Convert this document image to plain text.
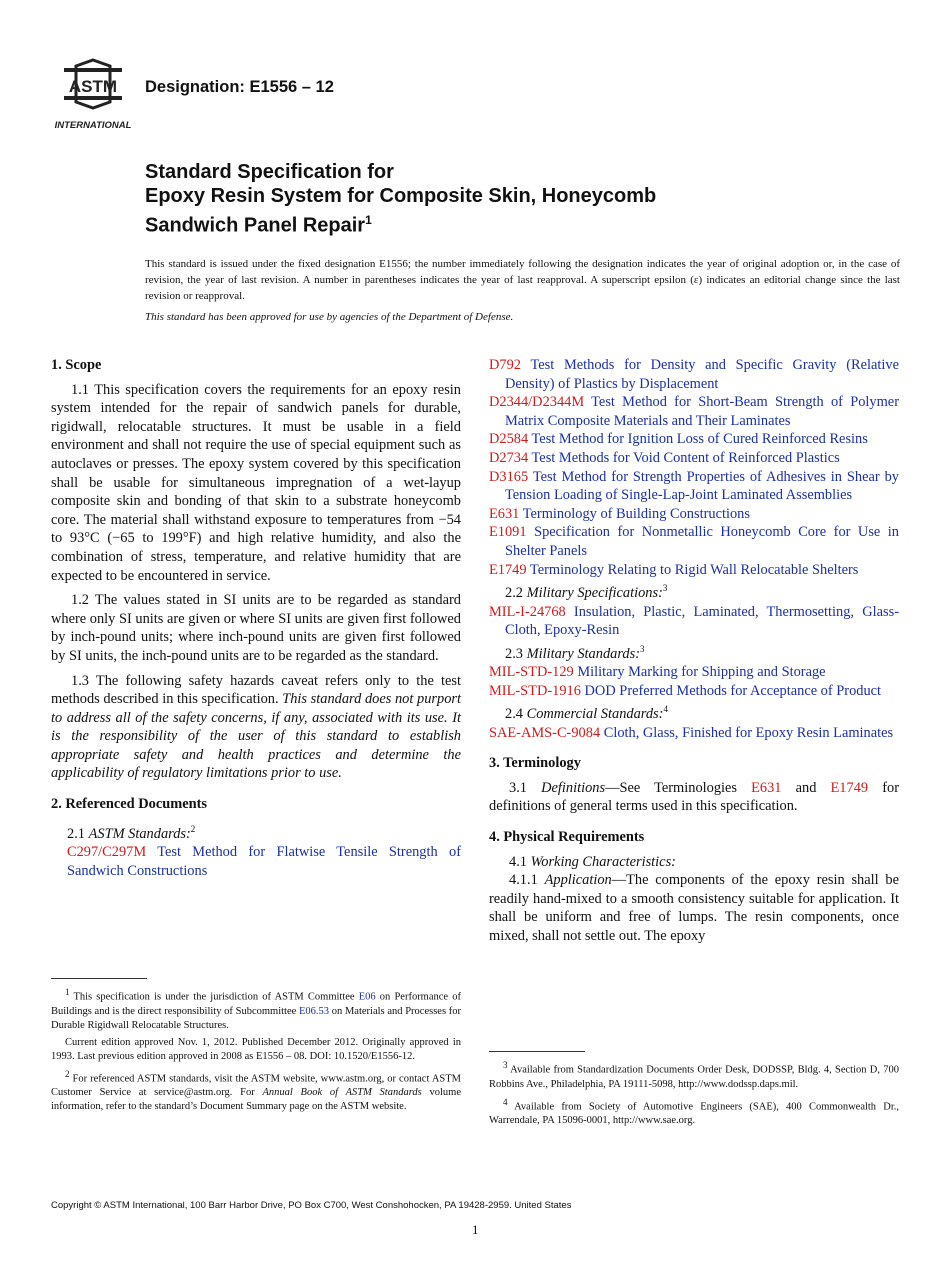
ASTM
INTERNATIONAL
Designation: E1556 – 12
Standard Specification for
Epoxy Resin System for Composite Skin, Honeycomb
Sandwich Panel Repair$^1$
This standard is issued under the fixed designation E1556; the number immediately following the designation indicates the year of original adoption or, in the case of revision, the year of last revision. A number in parentheses indicates the year of last reapproval. A superscript epsilon (ε) indicates an editorial change since the last revision or reapproval.
This standard has been approved for use by agencies of the Department of Defense.
1. Scope

1.1 This specification covers the requirements for an epoxy resin system intended for the repair of sandwich panels for durable, rigidwall, relocatable structures. It must be usable in a field environment and shall not require the use of special equipment such as autoclaves or presses. The epoxy system covered by this specification shall be usable for simultaneous impregnation of a wet-layup composite skin and bonding of that skin to a substrate honeycomb core. The material shall withstand exposure to temperatures from −54 to 93°C (−65 to 199°F) and high relative humidity, and also the combination of stress, temperature, and relative humidity that are expected to be encountered in service.

1.2 The values stated in SI units are to be regarded as standard where only SI units are given or where SI units are given first followed by inch-pound units; where inch-pound units are given first followed by SI units, the inch-pound units are to be regarded as the standard.

1.3 The following safety hazards caveat refers only to the test methods described in this specification. This standard does not purport to address all of the safety concerns, if any, associated with its use. It is the responsibility of the user of this standard to establish appropriate safety and health practices and determine the applicability of regulatory limitations prior to use.

2. Referenced Documents

2.1 ASTM Standards:$^2$

C297/C297M Test Method for Flatwise Tensile Strength of Sandwich Constructions

D792 Test Methods for Density and Specific Gravity (Relative Density) of Plastics by Displacement

D2344/D2344M Test Method for Short-Beam Strength of Polymer Matrix Composite Materials and Their Laminates

D2584 Test Method for Ignition Loss of Cured Reinforced Resins

D2734 Test Methods for Void Content of Reinforced Plastics

D3165 Test Method for Strength Properties of Adhesives in Shear by Tension Loading of Single-Lap-Joint Laminated Assemblies

E631 Terminology of Building Constructions

E1091 Specification for Nonmetallic Honeycomb Core for Use in Shelter Panels

E1749 Terminology Relating to Rigid Wall Relocatable Shelters

2.2 Military Specifications:$^3$

MIL-I-24768 Insulation, Plastic, Laminated, Thermosetting, Glass-Cloth, Epoxy-Resin

2.3 Military Standards:$^3$

MIL-STD-129 Military Marking for Shipping and Storage

MIL-STD-1916 DOD Preferred Methods for Acceptance of Product

2.4 Commercial Standards:$^4$

SAE-AMS-C-9084 Cloth, Glass, Finished for Epoxy Resin Laminates

3. Terminology

3.1 Definitions—See Terminologies E631 and E1749 for definitions of general terms used in this specification.

4. Physical Requirements

4.1 Working Characteristics:

4.1.1 Application—The components of the epoxy resin shall be readily hand-mixed to a smooth consistency suitable for application. It shall be uniform and free of lumps. The resin components, once mixed, shall not settle out. The epoxy

$^1$ This specification is under the jurisdiction of ASTM Committee E06 on Performance of Buildings and is the direct responsibility of Subcommittee E06.53 on Materials and Processes for Durable Rigidwall Relocatable Structures.

Current edition approved Nov. 1, 2012. Published December 2012. Originally approved in 1993. Last previous edition approved in 2008 as E1556 – 08. DOI: 10.1520/E1556-12.

$^2$ For referenced ASTM standards, visit the ASTM website, www.astm.org, or contact ASTM Customer Service at service@astm.org. For Annual Book of ASTM Standards volume information, refer to the standard’s Document Summary page on the ASTM website.

$^3$ Available from Standardization Documents Order Desk, DODSSP, Bldg. 4, Section D, 700 Robbins Ave., Philadelphia, PA 19111-5098, http://www.dodssp.daps.mil.

$^4$ Available from Society of Automotive Engineers (SAE), 400 Commonwealth Dr., Warrendale, PA 15096-0001, http://www.sae.org.

Copyright © ASTM International, 100 Barr Harbor Drive, PO Box C700, West Conshohocken, PA 19428-2959. United States
1
